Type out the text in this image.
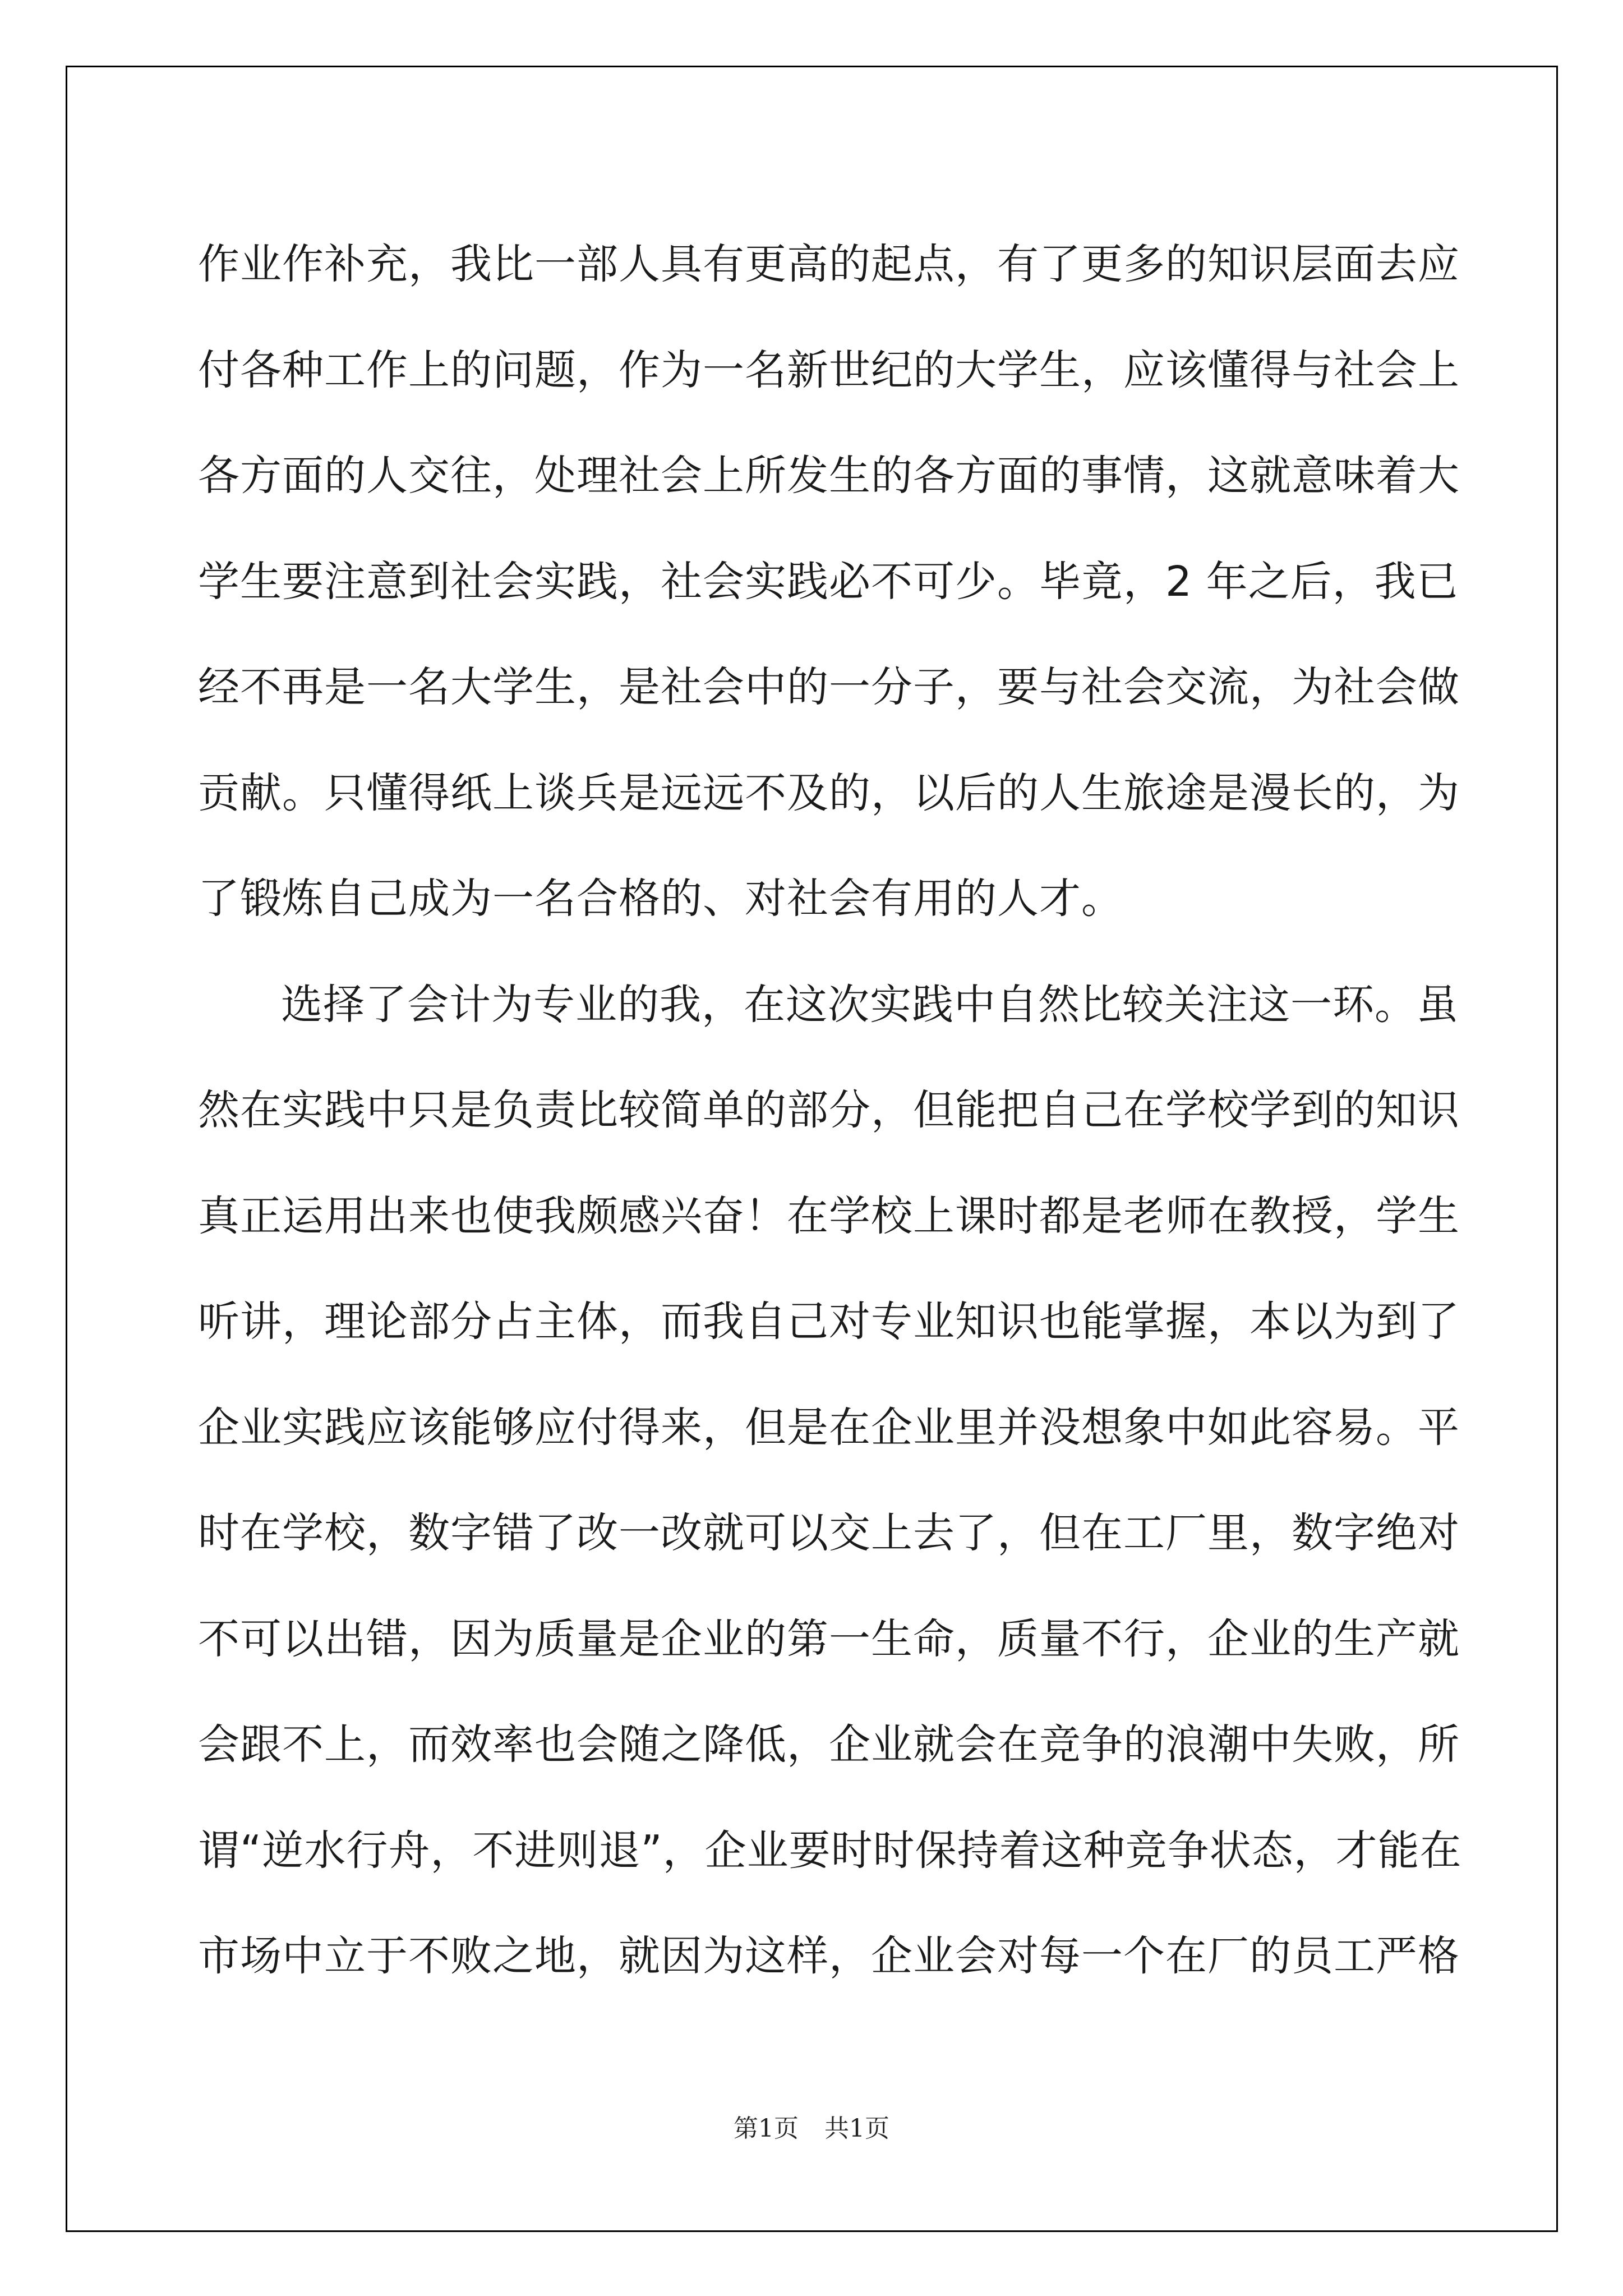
作业作补充，我比一部人具有更高的起点，有了更多的知识层面去应
付各种工作上的问题，作为一名新世纪的大学生，应该懂得与社会上
各方面的人交往，处理社会上所发生的各方面的事情，这就意味着大
学生要注意到社会实践，社会实践必不可少。毕竟，2 年之后，我已
经不再是一名大学生，是社会中的一分子，要与社会交流，为社会做
贡献。只懂得纸上谈兵是远远不及的，以后的人生旅途是漫长的，为
了锻炼自己成为一名合格的、对社会有用的人才。
选择了会计为专业的我，在这次实践中自然比较关注这一环。虽
然在实践中只是负责比较简单的部分，但能把自己在学校学到的知识
真正运用出来也使我颇感兴奋！在学校上课时都是老师在教授，学生
听讲，理论部分占主体，而我自己对专业知识也能掌握，本以为到了
企业实践应该能够应付得来，但是在企业里并没想象中如此容易。平
时在学校，数字错了改一改就可以交上去了，但在工厂里，数字绝对
不可以出错，因为质量是企业的第一生命，质量不行，企业的生产就
会跟不上，而效率也会随之降低，企业就会在竞争的浪潮中失败，所
谓“逆水行舟，不进则退”，企业要时时保持着这种竞争状态，才能在
市场中立于不败之地，就因为这样，企业会对每一个在厂的员工严格
第1页 共1页
